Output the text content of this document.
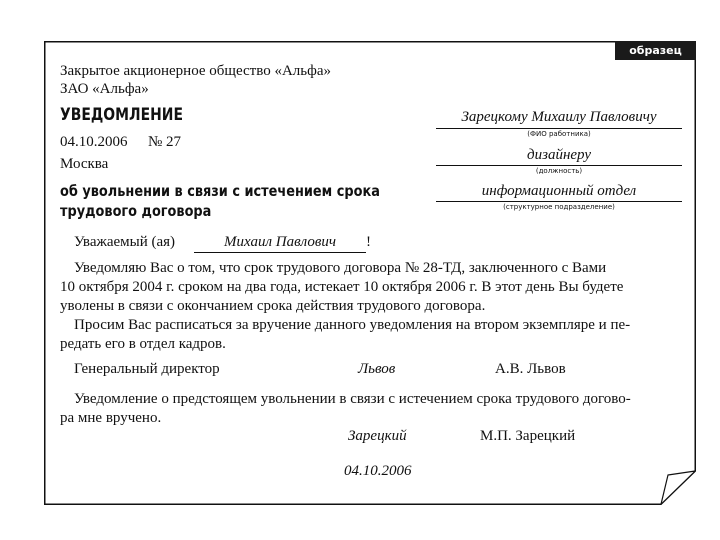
образец
Закрытое акционерное общество «Альфа»
ЗАО «Альфа»
УВЕДОМЛЕНИЕ
04.10.2006 № 27
Москва
об увольнении в связи с истечением срока
трудового договора
Зарецкому Михаилу Павловичу
(ФИО работника)
дизайнеру
(должность)
информационный отдел
(структурное подразделение)
Уважаемый (ая)	Михаил Павлович	!
Уведомляю Вас о том, что срок трудового договора № 28-ТД, заключенного с Вами
10 октября 2004 г. сроком на два года, истекает 10 октября 2006 г. В этот день Вы будете
уволены в связи с окончанием срока действия трудового договора.
Просим Вас расписаться за вручение данного уведомления на втором экземпляре и пе-
редать его в отдел кадров.
Генеральный директор	Львов	А.В. Львов
Уведомление о предстоящем увольнении в связи с истечением срока трудового догово-
ра мне вручено.
Зарецкий	М.П. Зарецкий
04.10.2006
